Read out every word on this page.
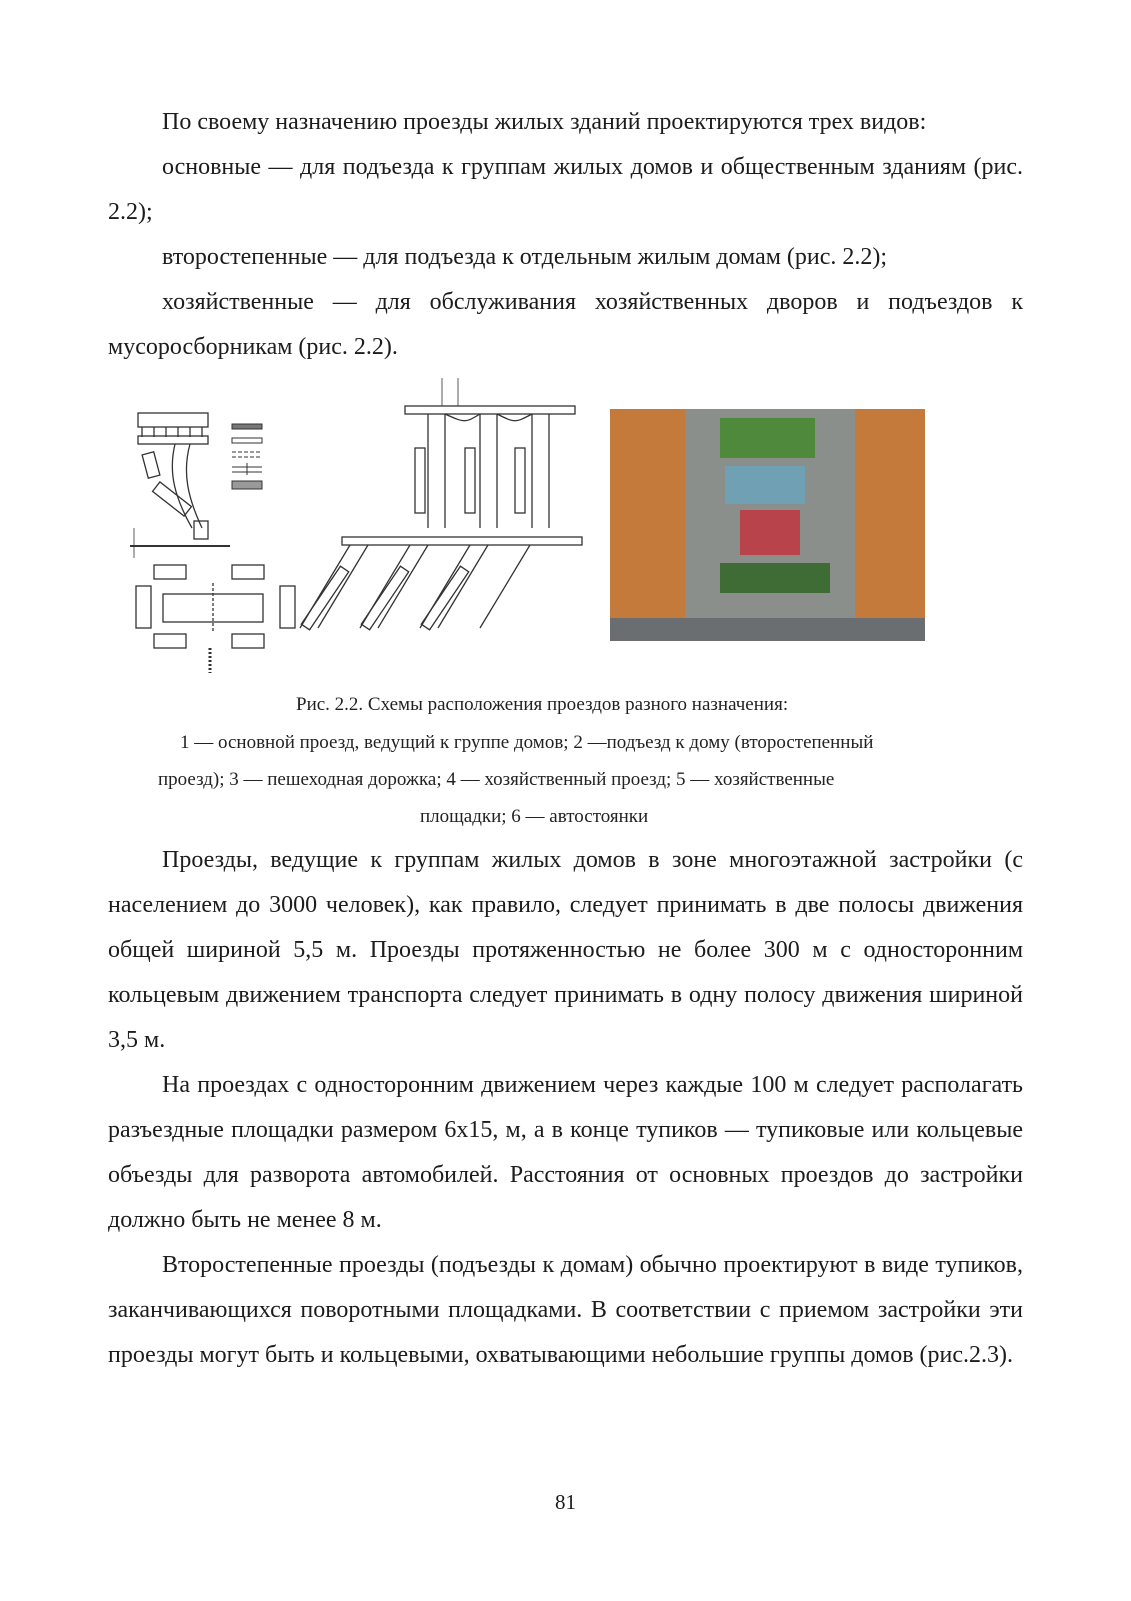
По своему назначению проезды жилых зданий проектируются трех видов:

основные — для подъезда к группам жилых домов и общественным зданиям (рис. 2.2);

второстепенные — для подъезда к отдельным жилым домам (рис. 2.2);

хозяйственные — для обслуживания хозяйственных дворов и подъездов к мусоросборникам (рис. 2.2).

Рис. 2.2. Схемы расположения проездов разного назначения:

1 — основной проезд, ведущий к группе домов; 2 —подъезд к дому (второстепенный

проезд); 3 — пешеходная дорожка; 4 — хозяйственный проезд; 5 — хозяйственные

площадки; 6 — автостоянки

Проезды, ведущие к группам жилых домов в зоне многоэтажной застройки (с населением до 3000 человек), как правило, следует принимать в две полосы движения общей шириной 5,5 м. Проезды протяженностью не более 300 м с односторонним кольцевым движением транспорта следует принимать в одну полосу движения шириной 3,5 м.

На проездах с односторонним движением через каждые 100 м следует располагать разъездные площадки размером 6х15, м, а в конце тупиков — тупиковые или кольцевые объезды для разворота автомобилей. Расстояния от основных проездов до застройки должно быть не менее 8 м.

Второстепенные проезды (подъезды к домам) обычно проектируют в виде тупиков, заканчивающихся поворотными площадками. В соответствии с приемом застройки эти проезды могут быть и кольцевыми, охватывающими небольшие группы домов (рис.2.3).

81
